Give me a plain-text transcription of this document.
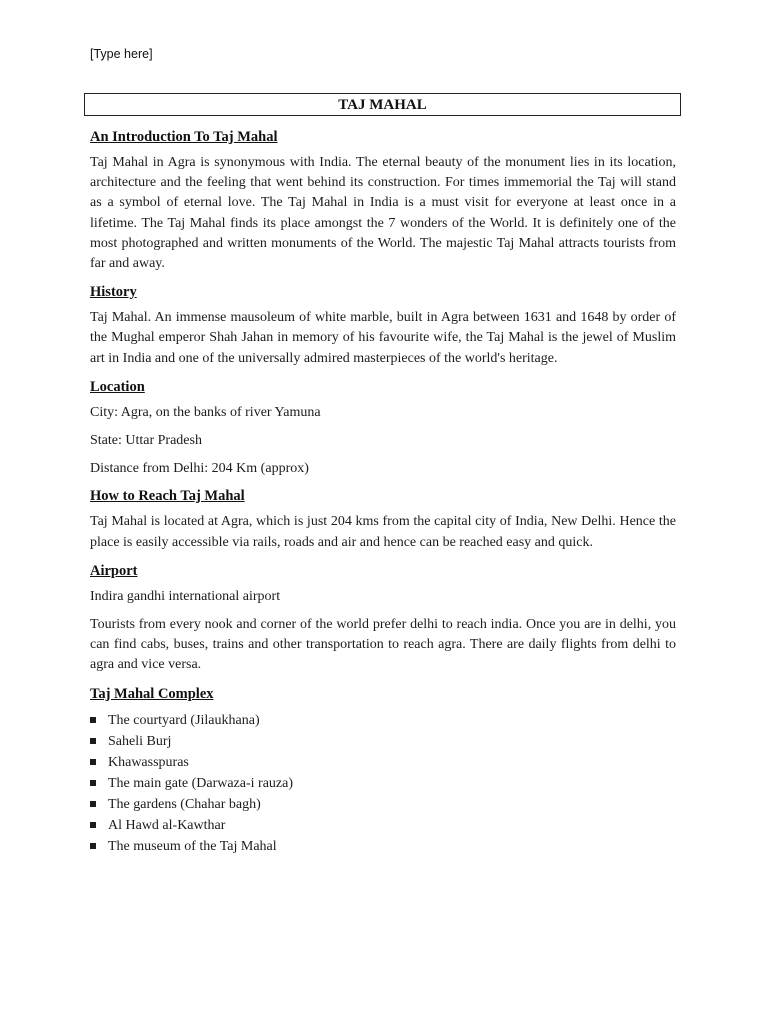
[Type here]
TAJ MAHAL
An Introduction To Taj Mahal

Taj Mahal in Agra is synonymous with India. The eternal beauty of the monument lies in its location, architecture and the feeling that went behind its construction. For times immemorial the Taj will stand as a symbol of eternal love. The Taj Mahal in India is a must visit for everyone at least once in a lifetime. The Taj Mahal finds its place amongst the 7 wonders of the World. It is definitely one of the most photographed and written monuments of the World. The majestic Taj Mahal attracts tourists from far and away.

History

Taj Mahal. An immense mausoleum of white marble, built in Agra between 1631 and 1648 by order of the Mughal emperor Shah Jahan in memory of his favourite wife, the Taj Mahal is the jewel of Muslim art in India and one of the universally admired masterpieces of the world's heritage.

Location

City: Agra, on the banks of river Yamuna

State: Uttar Pradesh

Distance from Delhi: 204 Km (approx)

How to Reach Taj Mahal

Taj Mahal is located at Agra, which is just 204 kms from the capital city of India, New Delhi. Hence the place is easily accessible via rails, roads and air and hence can be reached easy and quick.

Airport

Indira gandhi international airport

Tourists from every nook and corner of the world prefer delhi to reach india. Once you are in delhi, you can find cabs, buses, trains and other transportation to reach agra. There are daily flights from delhi to agra and vice versa.

Taj Mahal Complex
The courtyard (Jilaukhana)
Saheli Burj
Khawasspuras
The main gate (Darwaza-i rauza)
The gardens (Chahar bagh)
Al Hawd al-Kawthar
The museum of the Taj Mahal
